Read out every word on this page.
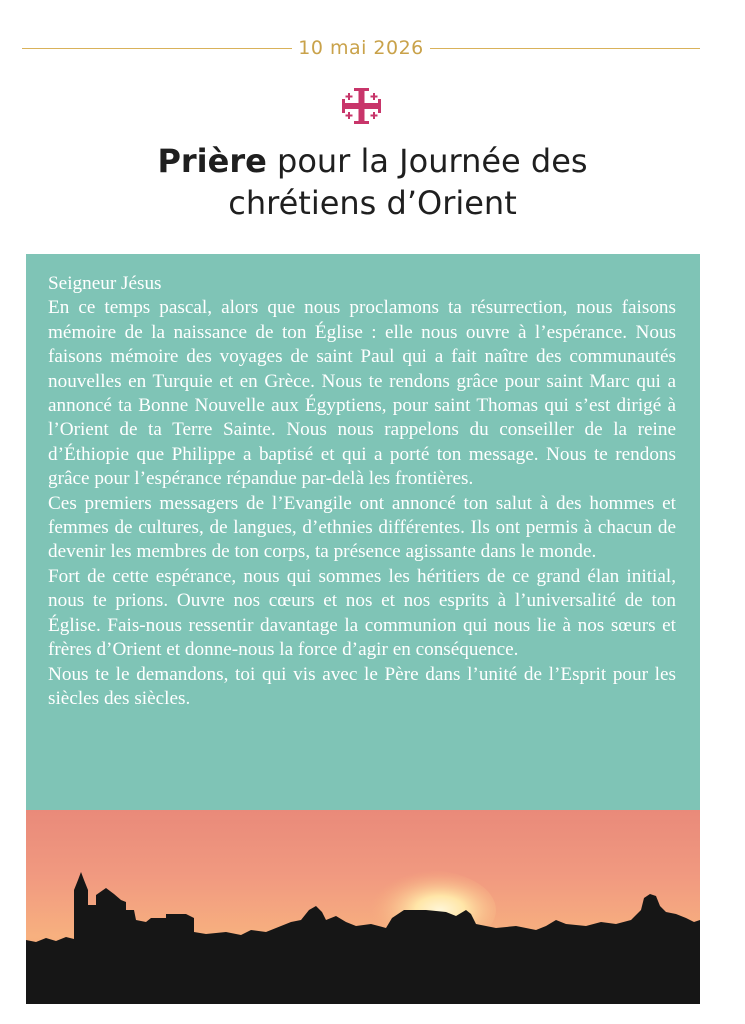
10 mai 2026
Prière pour la Journée des
chrétiens d’Orient

Seigneur Jésus

En ce temps pascal, alors que nous proclamons ta résurrection, nous faisons mémoire de la naissance de ton Église : elle nous ouvre à l’espérance. Nous faisons mémoire des voyages de saint Paul qui a fait naître des communautés nouvelles en Turquie et en Grèce. Nous te rendons grâce pour saint Marc qui a annoncé ta Bonne Nouvelle aux Égyptiens, pour saint Thomas qui s’est dirigé à l’Orient de ta Terre Sainte. Nous nous rappelons du conseiller de la reine d’Éthiopie que Philippe a baptisé et qui a porté ton message. Nous te rendons grâce pour l’espérance répandue par-delà les frontières.

Ces premiers messagers de l’Evangile ont annoncé ton salut à des hommes et femmes de cultures, de langues, d’ethnies différentes. Ils ont permis à chacun de devenir les membres de ton corps, ta présence agissante dans le monde.

Fort de cette espérance, nous qui sommes les héritiers de ce grand élan initial, nous te prions. Ouvre nos cœurs et nos et nos esprits à l’universalité de ton Église. Fais-nous ressentir davantage la communion qui nous lie à nos sœurs et frères d’Orient et donne-nous la force d’agir en conséquence.

Nous te le demandons, toi qui vis avec le Père dans l’unité de l’Esprit pour les siècles des siècles.
